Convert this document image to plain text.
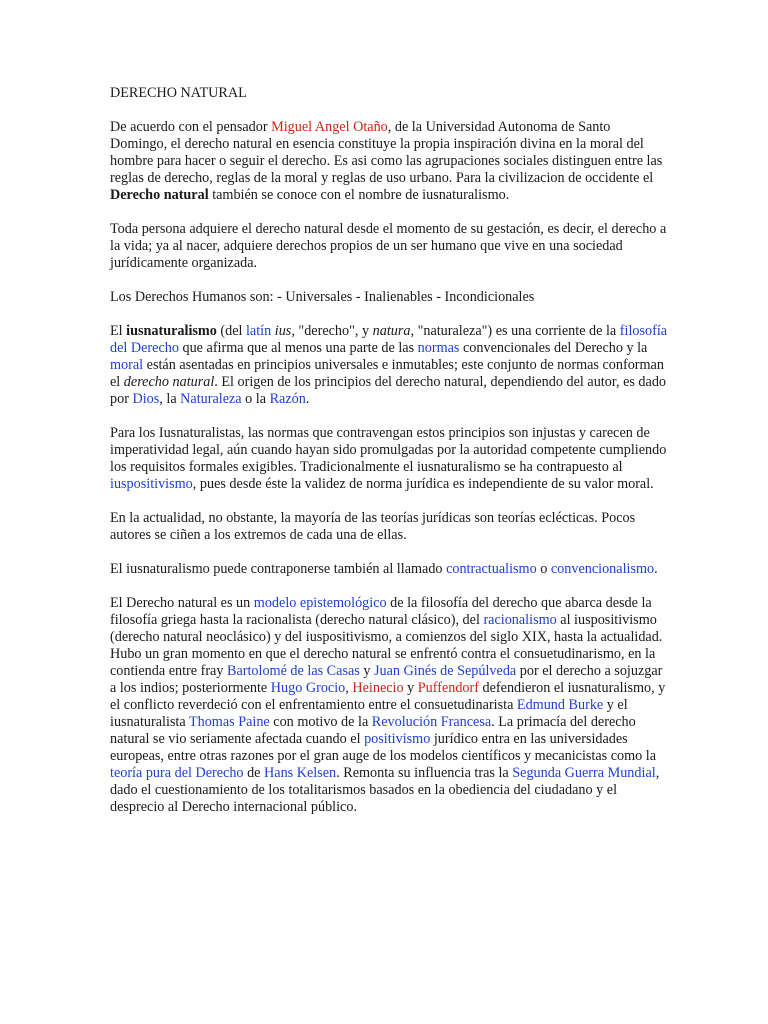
DERECHO NATURAL

De acuerdo con el pensador Miguel Angel Otaño, de la Universidad Autonoma de Santo Domingo, el derecho natural en esencia constituye la propia inspiración divina en la moral del hombre para hacer o seguir el derecho. Es asi como las agrupaciones sociales distinguen entre las reglas de derecho, reglas de la moral y reglas de uso urbano. Para la civilizacion de occidente el Derecho natural también se conoce con el nombre de iusnaturalismo.

Toda persona adquiere el derecho natural desde el momento de su gestación, es decir, el derecho a la vida; ya al nacer, adquiere derechos propios de un ser humano que vive en una sociedad jurídicamente organizada.

Los Derechos Humanos son: - Universales - Inalienables - Incondicionales

El iusnaturalismo (del latín ius, "derecho", y natura, "naturaleza") es una corriente de la filosofía del Derecho que afirma que al menos una parte de las normas convencionales del Derecho y la moral están asentadas en principios universales e inmutables; este conjunto de normas conforman el derecho natural. El origen de los principios del derecho natural, dependiendo del autor, es dado por Dios, la Naturaleza o la Razón.

Para los Iusnaturalistas, las normas que contravengan estos principios son injustas y carecen de imperatividad legal, aún cuando hayan sido promulgadas por la autoridad competente cumpliendo los requisitos formales exigibles. Tradicionalmente el iusnaturalismo se ha contrapuesto al iuspositivismo, pues desde éste la validez de norma jurídica es independiente de su valor moral.

En la actualidad, no obstante, la mayoría de las teorías jurídicas son teorías eclécticas. Pocos autores se ciñen a los extremos de cada una de ellas.

El iusnaturalismo puede contraponerse también al llamado contractualismo o convencionalismo.

El Derecho natural es un modelo epistemológico de la filosofía del derecho que abarca desde la filosofía griega hasta la racionalista (derecho natural clásico), del racionalismo al iuspositivismo (derecho natural neoclásico) y del iuspositivismo, a comienzos del siglo XIX, hasta la actualidad. Hubo un gran momento en que el derecho natural se enfrentó contra el consuetudinarismo, en la contienda entre fray Bartolomé de las Casas y Juan Ginés de Sepúlveda por el derecho a sojuzgar a los indios; posteriormente Hugo Grocio, Heinecio y Puffendorf defendieron el iusnaturalismo, y el conflicto reverdeció con el enfrentamiento entre el consuetudinarista Edmund Burke y el iusnaturalista Thomas Paine con motivo de la Revolución Francesa. La primacía del derecho natural se vio seriamente afectada cuando el positivismo jurídico entra en las universidades europeas, entre otras razones por el gran auge de los modelos científicos y mecanicistas como la teoría pura del Derecho de Hans Kelsen. Remonta su influencia tras la Segunda Guerra Mundial, dado el cuestionamiento de los totalitarismos basados en la obediencia del ciudadano y el desprecio al Derecho internacional público.
